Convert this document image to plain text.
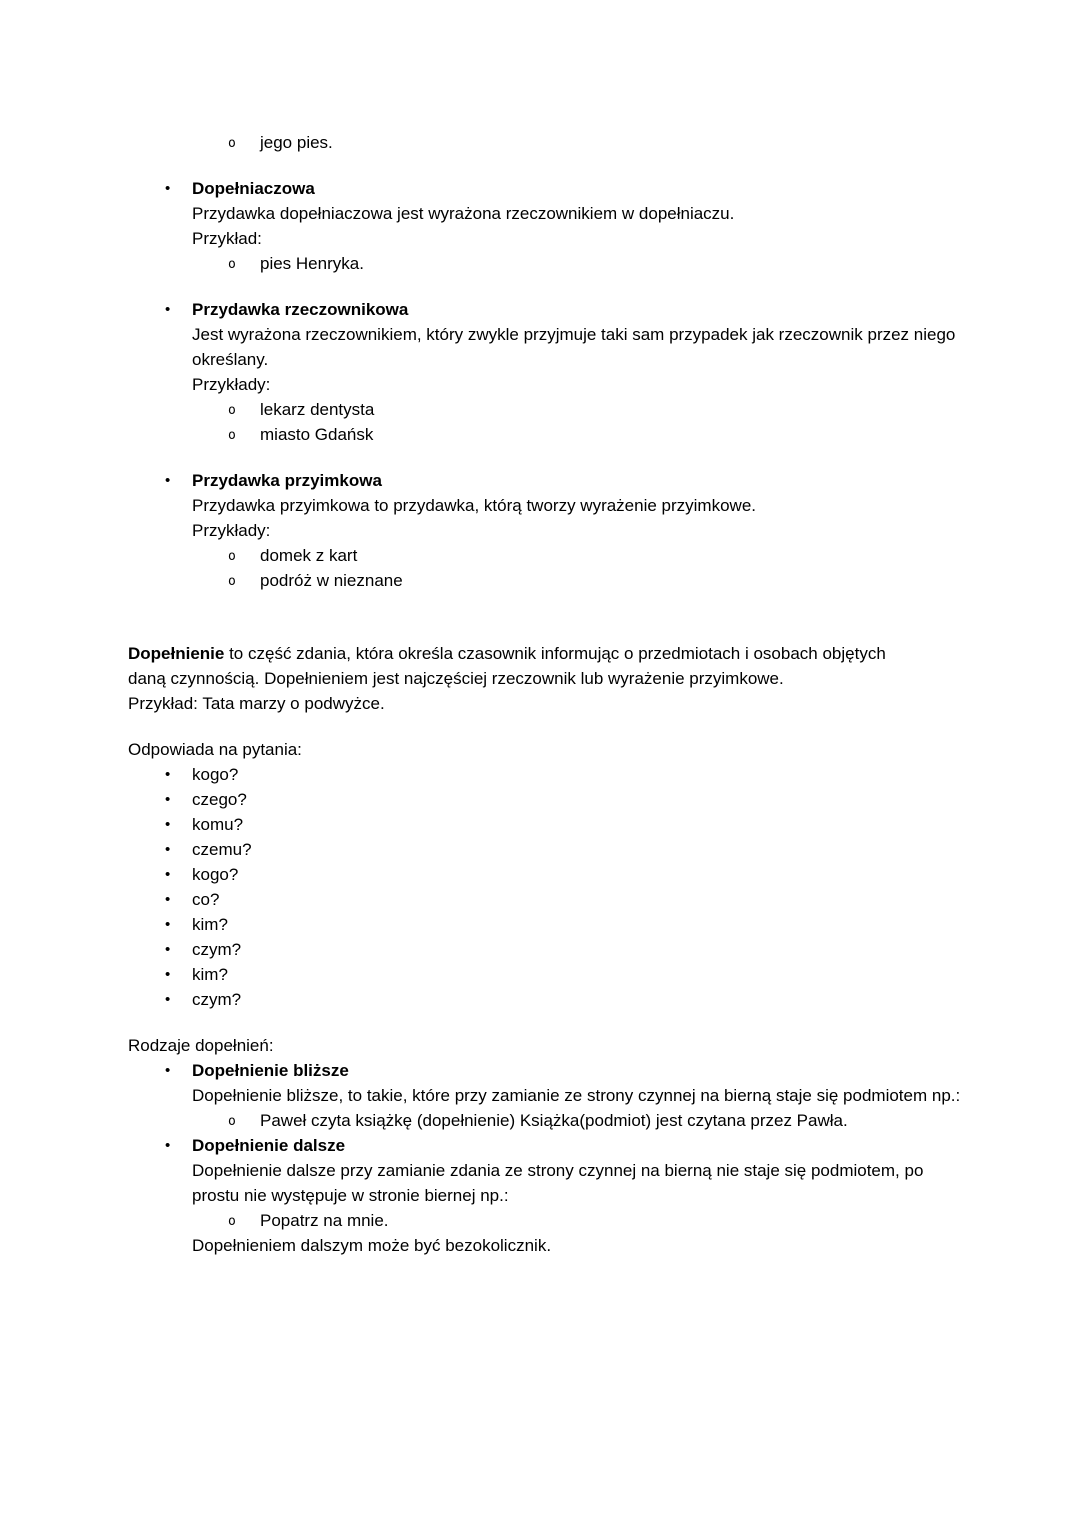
o	jego pies.
•	Dopełniaczowa
Przydawka dopełniaczowa jest wyrażona rzeczownikiem w dopełniaczu.
Przykład:
o	pies Henryka.
•	Przydawka rzeczownikowa
Jest wyrażona rzeczownikiem, który zwykle przyjmuje taki sam przypadek jak rzeczownik przez niego określany.
Przykłady:
o	lekarz dentysta
o	miasto Gdańsk
•	Przydawka przyimkowa
Przydawka przyimkowa to przydawka, którą tworzy wyrażenie przyimkowe.
Przykłady:
o	domek z kart
o	podróż w nieznane
Dopełnienie to część zdania, która określa czasownik informując o przedmiotach i osobach objętych daną czynnością. Dopełnieniem jest najczęściej rzeczownik lub wyrażenie przyimkowe.
Przykład: Tata marzy o podwyżce.
Odpowiada na pytania:
•	kogo?
•	czego?
•	komu?
•	czemu?
•	kogo?
•	co?
•	kim?
•	czym?
•	kim?
•	czym?
Rodzaje dopełnień:
•	Dopełnienie bliższe
Dopełnienie bliższe, to takie, które przy zamianie ze strony czynnej na bierną staje się podmiotem np.:
o	Paweł czyta książkę (dopełnienie) Książka(podmiot) jest czytana przez Pawła.
•	Dopełnienie dalsze
Dopełnienie dalsze przy zamianie zdania ze strony czynnej na bierną nie staje się podmiotem, po prostu nie występuje w stronie biernej np.:
o	Popatrz na mnie.
Dopełnieniem dalszym może być bezokolicznik.
